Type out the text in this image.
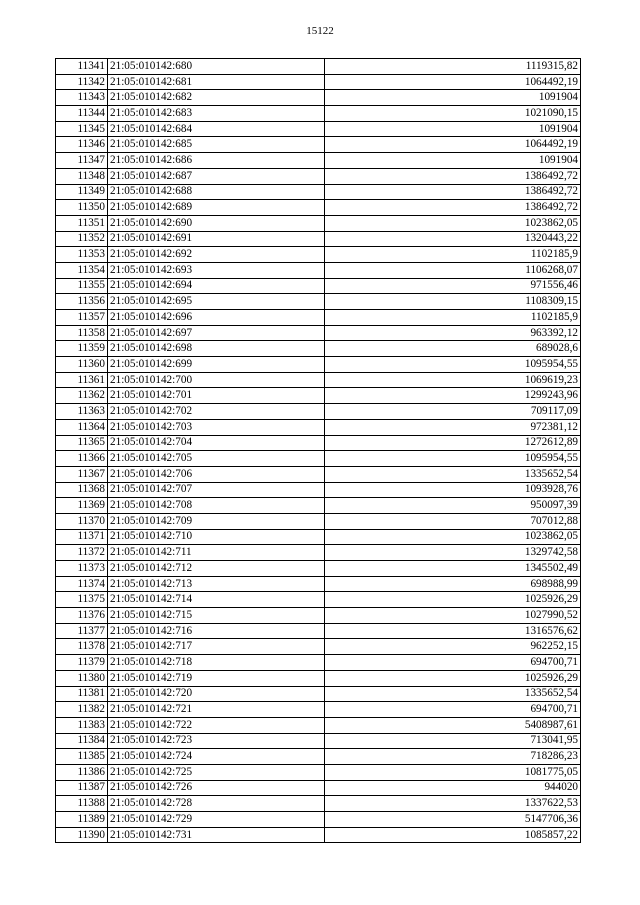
15122
11341	21:05:010142:680	1119315,82
11342	21:05:010142:681	1064492,19
11343	21:05:010142:682	1091904
11344	21:05:010142:683	1021090,15
11345	21:05:010142:684	1091904
11346	21:05:010142:685	1064492,19
11347	21:05:010142:686	1091904
11348	21:05:010142:687	1386492,72
11349	21:05:010142:688	1386492,72
11350	21:05:010142:689	1386492,72
11351	21:05:010142:690	1023862,05
11352	21:05:010142:691	1320443,22
11353	21:05:010142:692	1102185,9
11354	21:05:010142:693	1106268,07
11355	21:05:010142:694	971556,46
11356	21:05:010142:695	1108309,15
11357	21:05:010142:696	1102185,9
11358	21:05:010142:697	963392,12
11359	21:05:010142:698	689028,6
11360	21:05:010142:699	1095954,55
11361	21:05:010142:700	1069619,23
11362	21:05:010142:701	1299243,96
11363	21:05:010142:702	709117,09
11364	21:05:010142:703	972381,12
11365	21:05:010142:704	1272612,89
11366	21:05:010142:705	1095954,55
11367	21:05:010142:706	1335652,54
11368	21:05:010142:707	1093928,76
11369	21:05:010142:708	950097,39
11370	21:05:010142:709	707012,88
11371	21:05:010142:710	1023862,05
11372	21:05:010142:711	1329742,58
11373	21:05:010142:712	1345502,49
11374	21:05:010142:713	698988,99
11375	21:05:010142:714	1025926,29
11376	21:05:010142:715	1027990,52
11377	21:05:010142:716	1316576,62
11378	21:05:010142:717	962252,15
11379	21:05:010142:718	694700,71
11380	21:05:010142:719	1025926,29
11381	21:05:010142:720	1335652,54
11382	21:05:010142:721	694700,71
11383	21:05:010142:722	5408987,61
11384	21:05:010142:723	713041,95
11385	21:05:010142:724	718286,23
11386	21:05:010142:725	1081775,05
11387	21:05:010142:726	944020
11388	21:05:010142:728	1337622,53
11389	21:05:010142:729	5147706,36
11390	21:05:010142:731	1085857,22
